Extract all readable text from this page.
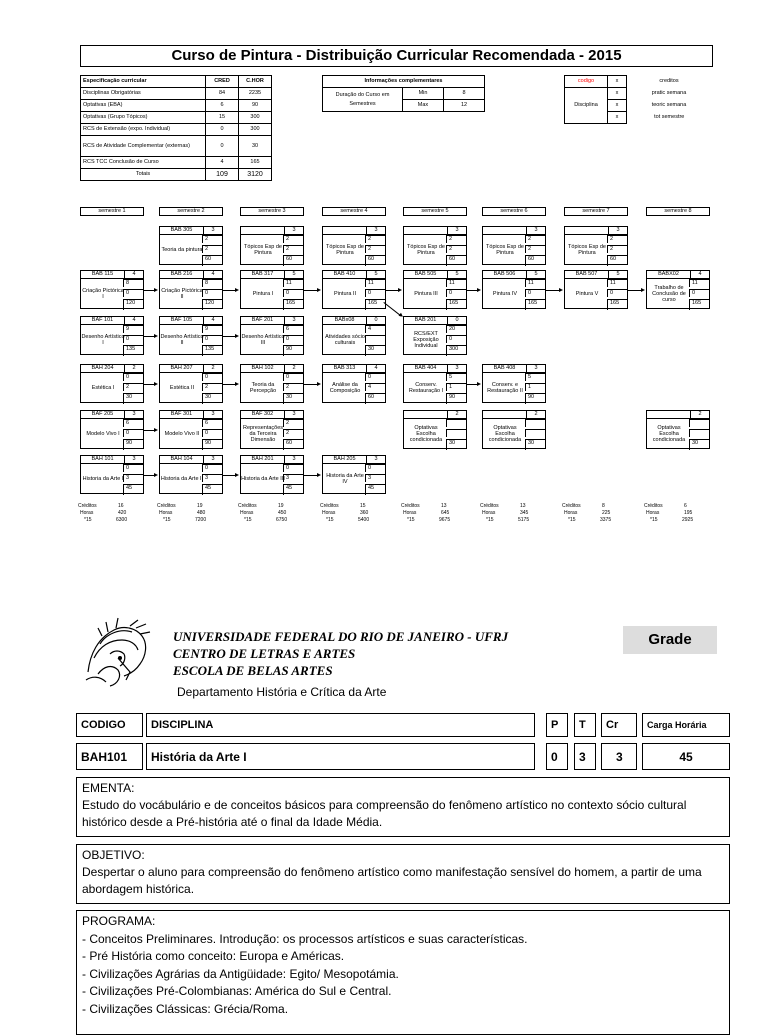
Curso de Pintura - Distribuição Curricular Recomendada - 2015
Especificação curricular	CRED	C.HOR
Disciplinas Obrigatórias	84	2235
Optativas (EBA)	6	90
Optativas (Grupo Tópicos)	15	300
RCS de Extensão (expo. Individual)	0	300
RCS de Atividade Complementar (externas)	0	30
RCS TCC Conclusão de Curso	4	165
Totais	109	3120
Informações complementares		
Duração do Curso em Semestres	Min	8
	Max	12
codigo	x	creditos
Disciplina	x	pratic semana
	x	teoric semana
	x	tot semestre
semestre 1	semestre 2	semestre 3	semestre 4	semestre 5	semestre 6	semestre 7	semestre 8
BAB 305	3
Teoria da pintura
2
2
60
3
Tópicos Esp de Pintura
2
2
60
3
Tópicos Esp de Pintura
2
2
60
3
Tópicos Esp de Pintura
2
2
60
3
Tópicos Esp de Pintura
2
2
60
3
Tópicos Esp de Pintura
2
2
60
BAB 115	4
Criação Pictórica I
8
0
120
BAB 216	4
Criação Pictórica II
8
0
120
BAB 317	5
Pintura I
11
0
165
BAB 410	5
Pintura II
11
0
165
BAB 505	5
Pintura III
11
0
165
BAB 506	5
Pintura IV
11
0
165
BAB 507	5
Pintura V
11
0
165
BABX02	4
Trabalho de Conclusão de curso
11
0
165
BAF 101	4
Desenho Artístico I
9
0
135
BAF 105	4
Desenho Artístico II
9
0
135
BAF 201	3
Desenho Artístico III
6
0
90
BABx08	0
Atividades sócio culturais
4
30
BAB 201	0
RCS/EXT Exposição Individual
20
0
300
BAH 204	2
Estética I
0
2
30
BAH 207	2
Estética II
0
2
30
BAH 102	2
Teoria da Percepção
0
2
30
BAB 313	4
Análise da Composição
0
4
60
BAB 404	3
Conserv. Restauração I
5
1
90
BAB 408	3
Conserv. e Restauração II
5
1
90
BAF 205	3
Modelo Vivo I
6
0
90
BAF 301	3
Modelo Vivo II
6
0
90
BAF 302	3
Representações da Terceira Dimensão
2
2
60
2
Optativas Escolha condicionada
30
2
Optativas Escolha condicionada
30
2
Optativas Escolha condicionada
30
BAH 101	3
Historia da Arte I
0
3
45
BAH 104	3
Historia da Arte II
0
3
45
BAH 201	3
Historia da Arte III
0
3
45
BAH 205	3
Historia da Arte IV
0
3
45
Créditos	16
Horas	420
*15	6300
Créditos	19
Horas	480
*15	7200
Créditos	19
Horas	450
*15	6750
Créditos	15
Horas	360
*15	5400
Créditos	13
Horas	645
*15	9675
Créditos	13
Horas	345
*15	5175
Créditos	8
Horas	225
*15	3375
Créditos	6
Horas	195
*15	2925
UNIVERSIDADE FEDERAL DO RIO DE JANEIRO - UFRJ
CENTRO DE LETRAS E ARTES
ESCOLA DE BELAS ARTES
Departamento História e Crítica da Arte
Grade
CODIGO	DISCIPLINA	P	T	Cr	Carga Horária
BAH101	História da Arte I	0	3	3	45
EMENTA:
Estudo do vocábulário e de conceitos básicos para compreensão do fenômeno artístico no contexto sócio cultural histórico desde a Pré-história até o final da Idade Média.
OBJETIVO:
Despertar o aluno para compreensão do fenômeno artístico como manifestação sensível do homem, a partir de uma abordagem histórica.
PROGRAMA:
- Conceitos Preliminares. Introdução: os processos artísticos e suas características.
- Pré História como conceito: Europa e Américas.
- Civilizações Agrárias da Antigüidade: Egito/ Mesopotámia.
- Civilizações Pré-Colombianas: América do Sul e Central.
- Civilizações Clássicas: Grécia/Roma.
